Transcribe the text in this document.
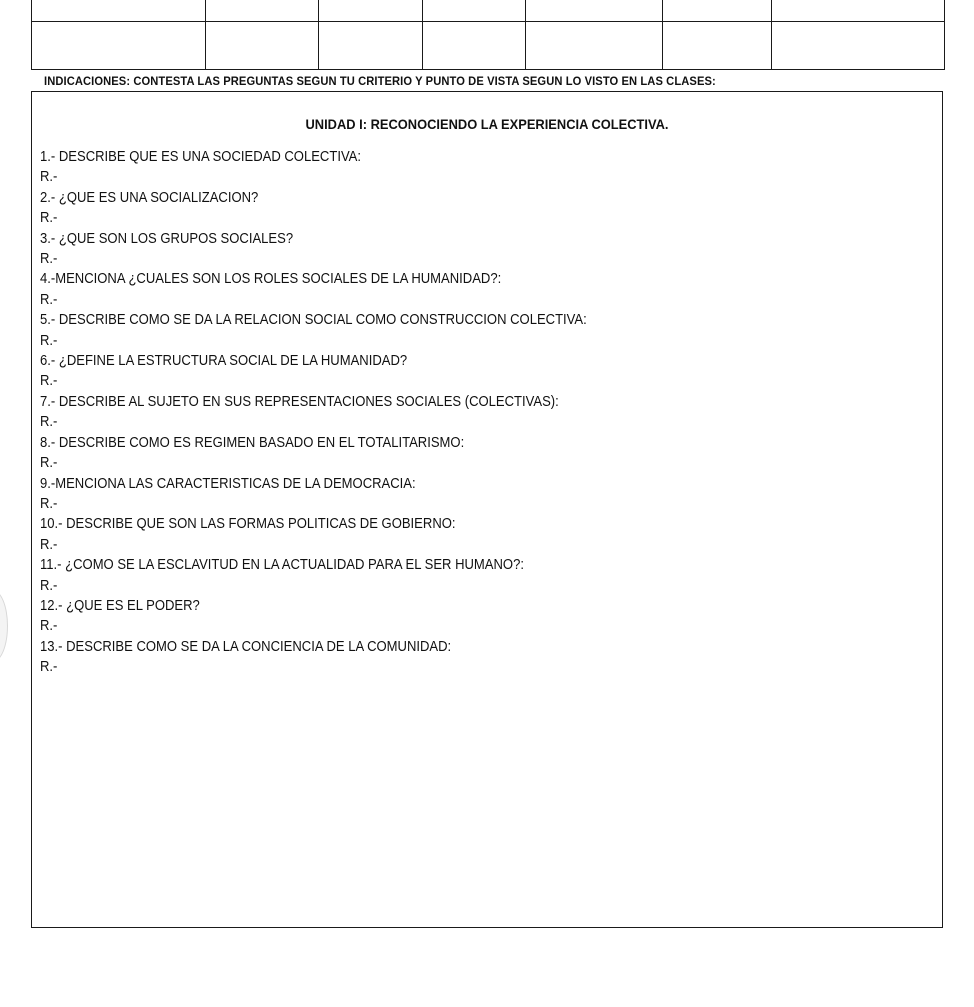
INDICACIONES: CONTESTA LAS PREGUNTAS SEGUN TU CRITERIO Y PUNTO DE VISTA SEGUN LO VISTO EN LAS CLASES:
UNIDAD I: RECONOCIENDO LA EXPERIENCIA COLECTIVA.
1.- DESCRIBE QUE ES UNA SOCIEDAD COLECTIVA:
R.-
2.- ¿QUE ES UNA SOCIALIZACION?
R.-
3.- ¿QUE SON LOS GRUPOS SOCIALES?
R.-
4.-MENCIONA ¿CUALES SON LOS ROLES SOCIALES DE LA HUMANIDAD?:
R.-
5.- DESCRIBE COMO SE DA LA RELACION SOCIAL COMO CONSTRUCCION COLECTIVA:
R.-
6.- ¿DEFINE LA ESTRUCTURA SOCIAL DE LA HUMANIDAD?
R.-
7.- DESCRIBE AL SUJETO EN SUS REPRESENTACIONES SOCIALES (COLECTIVAS):
R.-
8.- DESCRIBE COMO ES REGIMEN BASADO EN EL TOTALITARISMO:
R.-
9.-MENCIONA LAS CARACTERISTICAS DE LA DEMOCRACIA:
R.-
10.- DESCRIBE QUE SON LAS FORMAS POLITICAS DE GOBIERNO:
R.-
11.- ¿COMO SE LA ESCLAVITUD EN LA ACTUALIDAD PARA EL SER HUMANO?:
R.-
12.- ¿QUE ES EL PODER?
R.-
13.- DESCRIBE COMO SE DA LA CONCIENCIA DE LA COMUNIDAD:
R.-
